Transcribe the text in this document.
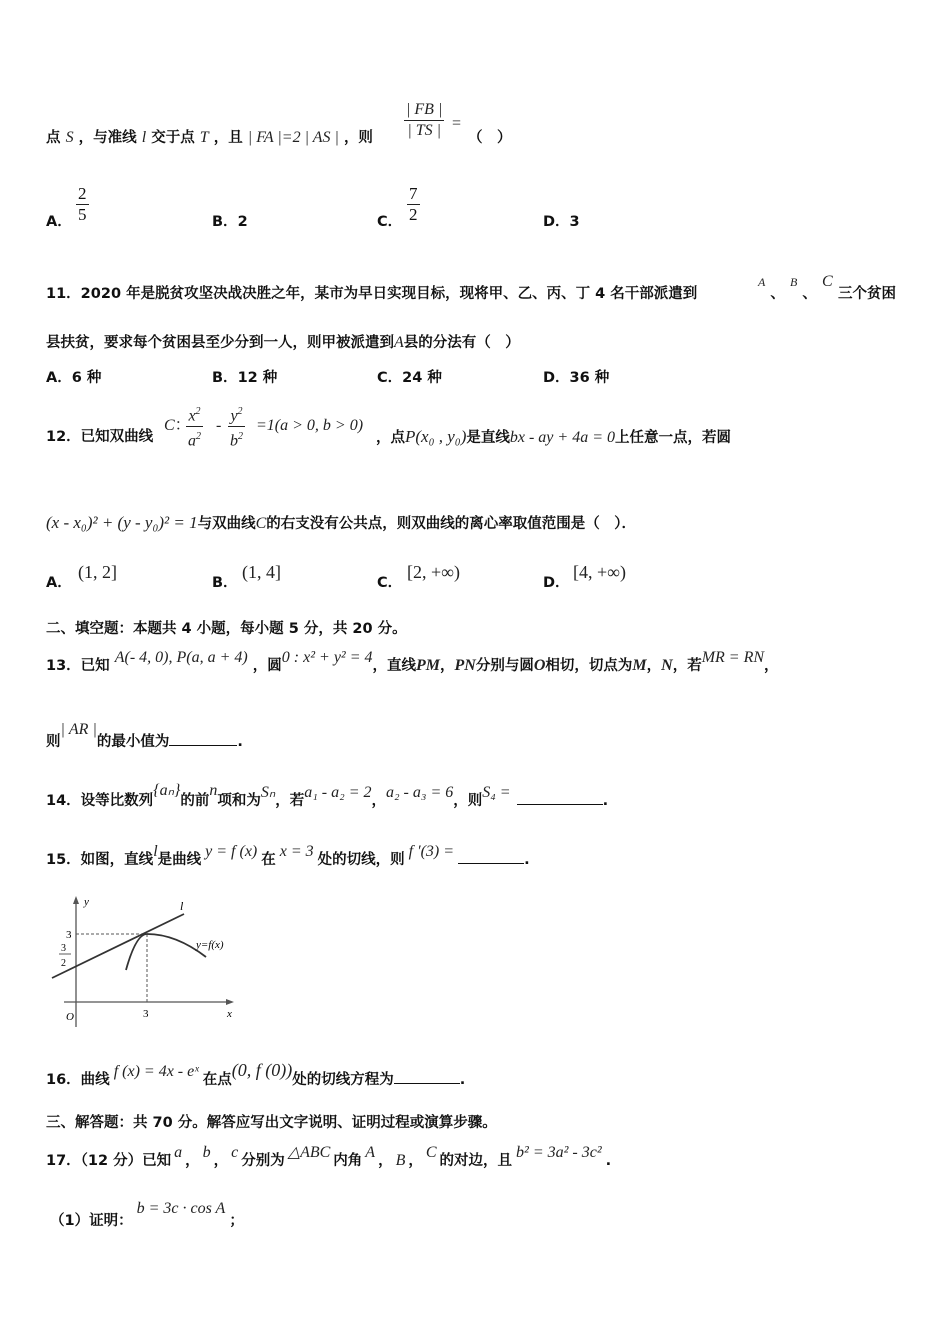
点 S ，与准线 l 交于点 T ，且 | FA |=2 | AS | ，则 $\frac{| FB |}{| TS |}$ =
（　）
A． $\frac{2}{5}$	B．2	C． $\frac{7}{2}$	D．3
11．2020 年是脱贫攻坚决战决胜之年，某市为早日实现目标，现将甲、乙、丙、丁 4 名干部派遣到
A 、 B 、 C
三个贫困
县扶贫，要求每个贫困县至少分到一人，则甲被派遣到A县的分法有（　）
A．6 种	B．12 种	C．24 种	D．36 种
12．已知双曲线
C：
$\frac{x^2}{a^2} - \frac{y^2}{b^2} =1(a > 0$, b > 0)
，点P(x₀ , y₀)是直线bx - ay + 4a = 0上任意一点，若圆
(x - x₀)² + (y - y₀)² = 1与双曲线C的右支没有公共点，则双曲线的离心率取值范围是（　）．
A．
(1, 2]
B．
(1, 4]
C．
[2, +∞)
D．
[4, +∞)
二、填空题：本题共 4 小题，每小题 5 分，共 20 分。
13．已知 A(- 4, 0), P(a, a + 4) ，圆0 : x² + y² = 4，直线PM，PN分别与圆O相切，切点为M，N，若MR = RN，
则| AR |的最小值为	.
14．设等比数列{aₙ}的前n项和为Sₙ，若a₁ - a₂ = 2，a₂ - a₃ = 6，则S₄ =	.
15．如图，直线l是曲线 y = f (x) 在 x = 3 处的切线，则 f ′(3) =	.
y
x
O
l
y=f(x)
3
3
3
2
16．曲线 f (x) = 4x - eˣ 在点(0, f (0))处的切线方程为	.
三、解答题：共 70 分。解答应写出文字说明、证明过程或演算步骤。
17．（12 分）已知 a ， b ， c 分别为 △ABC 内角 A ， B ， C 的对边，且 b² = 3a² - 3c² .
（1）证明：b = 3c · cos A；
